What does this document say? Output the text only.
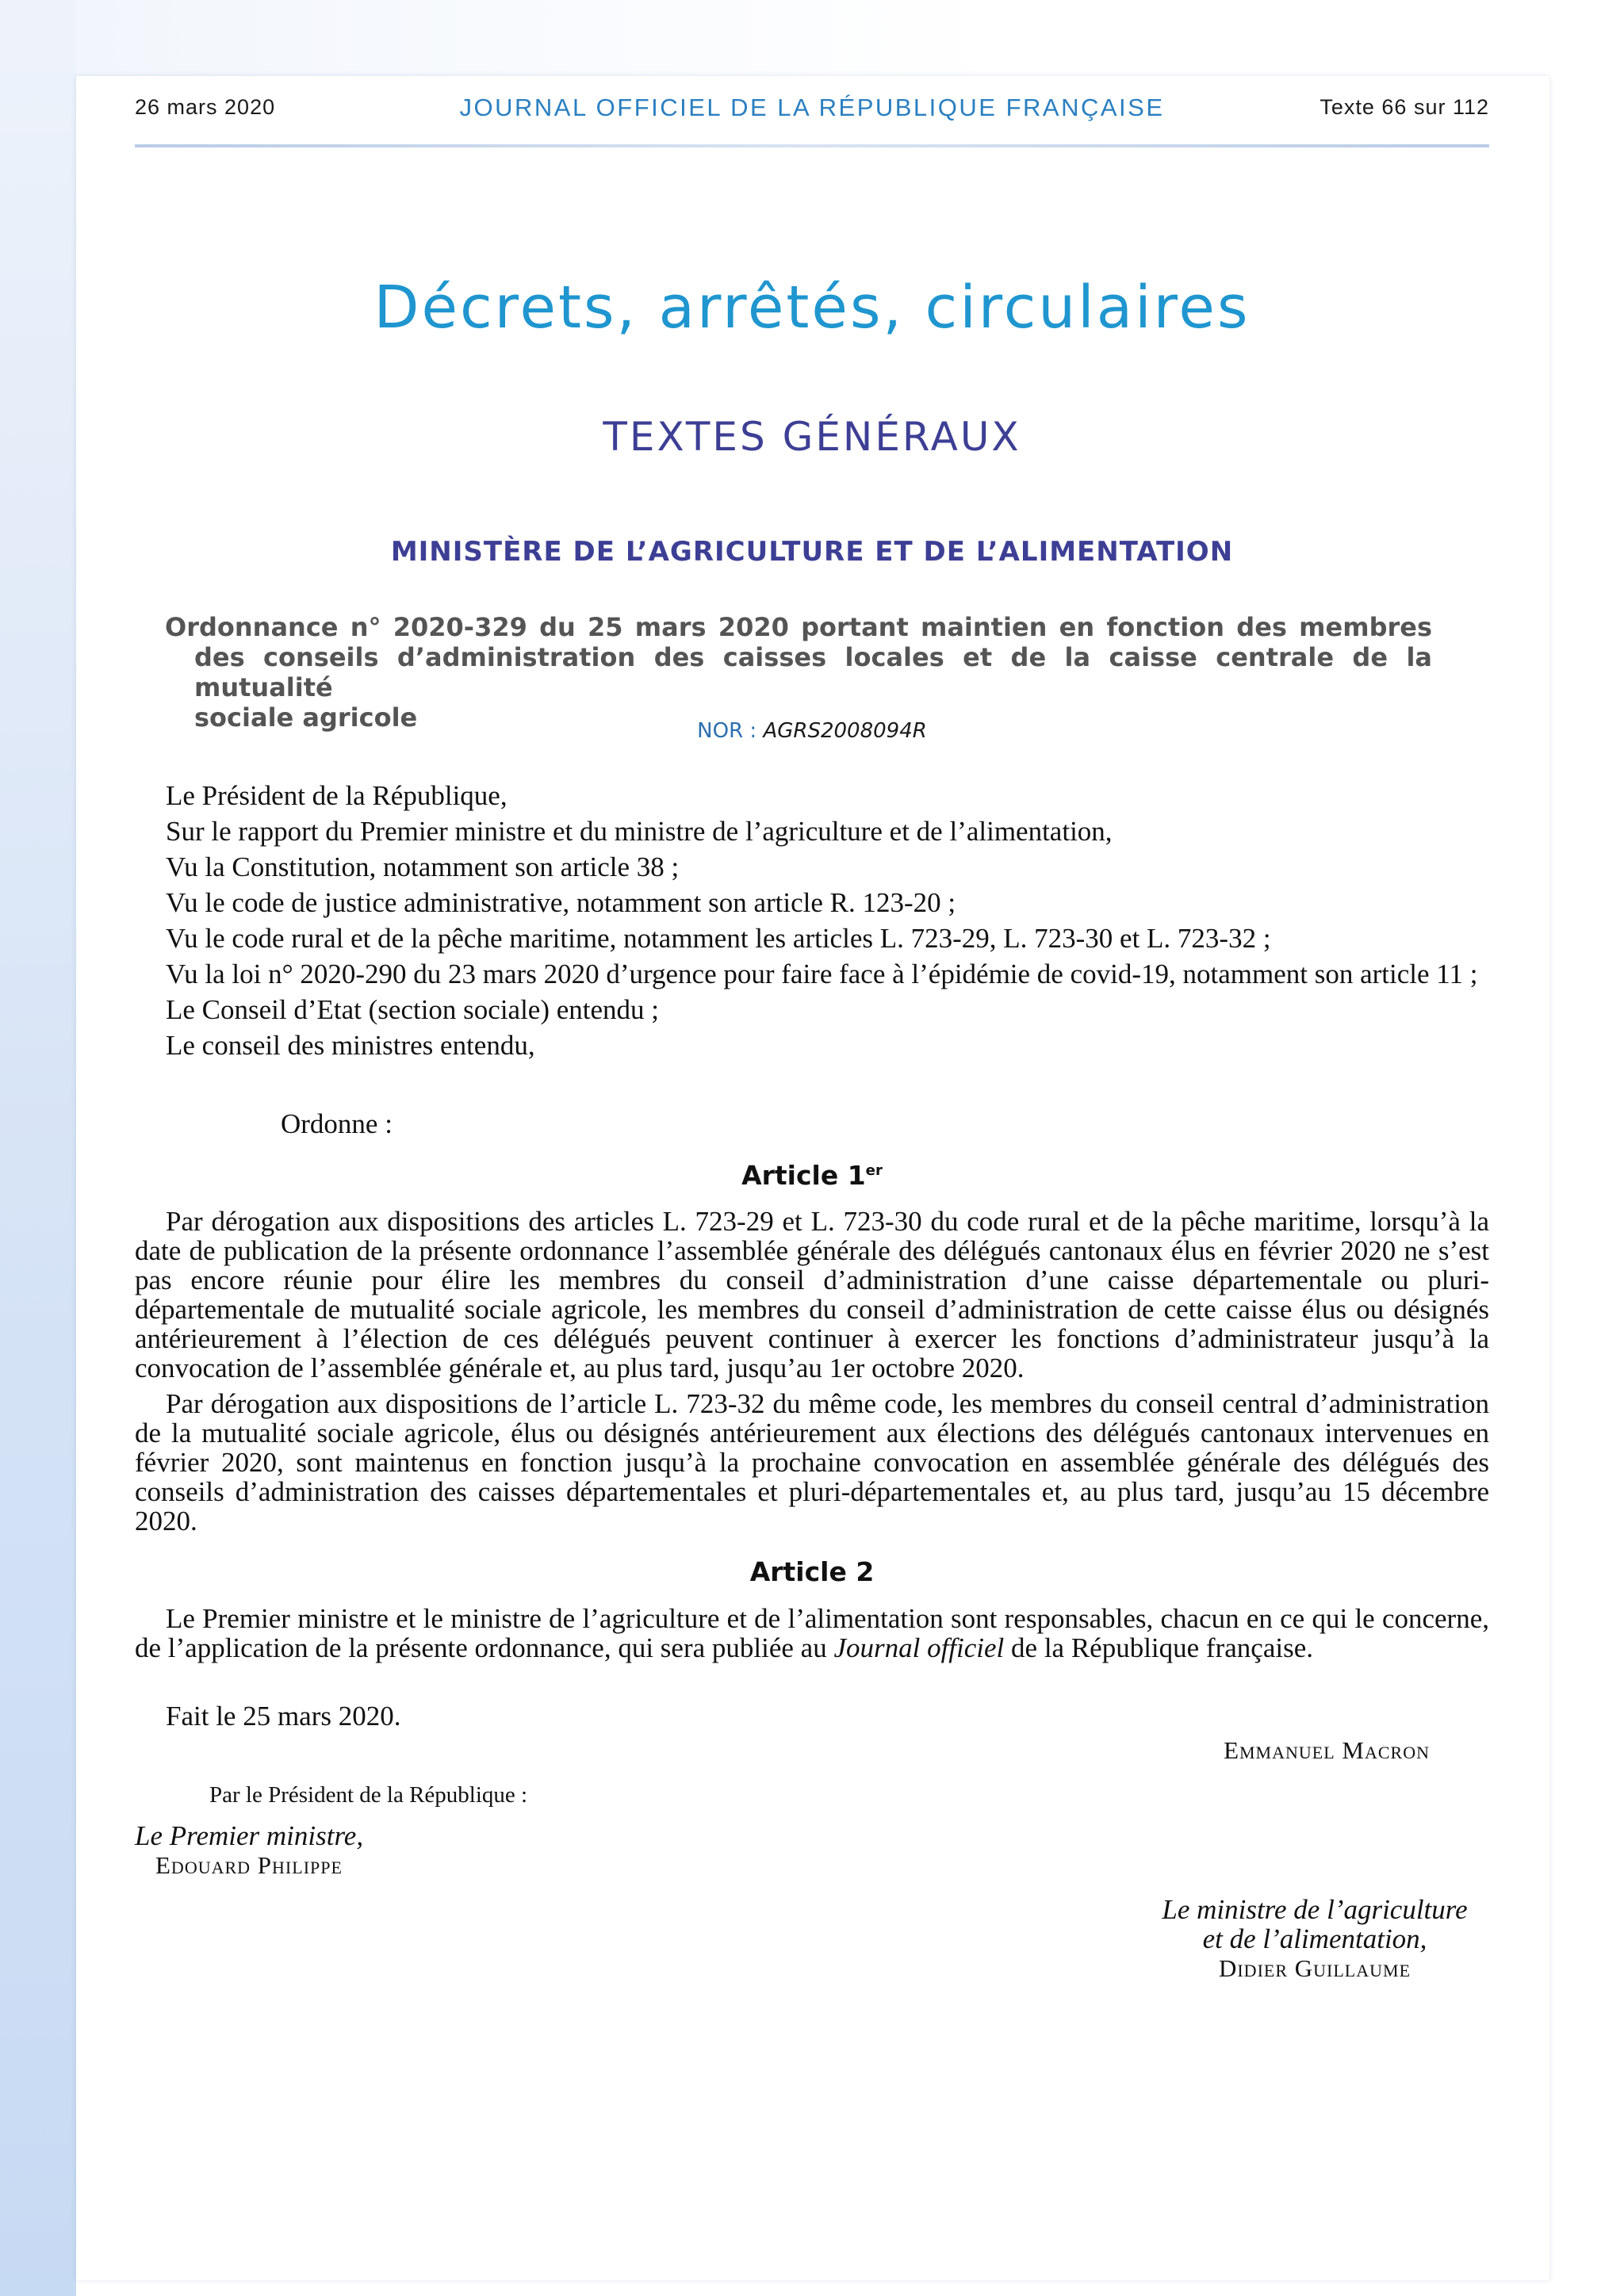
26 mars 2020	JOURNAL OFFICIEL DE LA RÉPUBLIQUE FRANÇAISE	Texte 66 sur 112
Décrets, arrêtés, circulaires
TEXTES GÉNÉRAUX
MINISTÈRE DE L’AGRICULTURE ET DE L’ALIMENTATION
Ordonnance n° 2020-329 du 25 mars 2020 portant maintien en fonction des membres
des conseils d’administration des caisses locales et de la caisse centrale de la mutualité
sociale agricole	NOR : AGRS2008094R

Le Président de la République,

Sur le rapport du Premier ministre et du ministre de l’agriculture et de l’alimentation,

Vu la Constitution, notamment son article 38 ;

Vu le code de justice administrative, notamment son article R. 123-20 ;

Vu le code rural et de la pêche maritime, notamment les articles L. 723-29, L. 723-30 et L. 723-32 ;

Vu la loi n° 2020-290 du 23 mars 2020 d’urgence pour faire face à l’épidémie de covid-19, notamment son article 11 ;

Le Conseil d’Etat (section sociale) entendu ;

Le conseil des ministres entendu,

Ordonne :
Article 1er

Par dérogation aux dispositions des articles L. 723-29 et L. 723-30 du code rural et de la pêche maritime, lorsqu’à la date de publication de la présente ordonnance l’assemblée générale des délégués cantonaux élus en février 2020 ne s’est pas encore réunie pour élire les membres du conseil d’administration d’une caisse départementale ou pluri-départementale de mutualité sociale agricole, les membres du conseil d’administration de cette caisse élus ou désignés antérieurement à l’élection de ces délégués peuvent continuer à exercer les fonctions d’administrateur jusqu’à la convocation de l’assemblée générale et, au plus tard, jusqu’au 1er octobre 2020.

Par dérogation aux dispositions de l’article L. 723-32 du même code, les membres du conseil central d’administration de la mutualité sociale agricole, élus ou désignés antérieurement aux élections des délégués cantonaux intervenues en février 2020, sont maintenus en fonction jusqu’à la prochaine convocation en assemblée générale des délégués des conseils d’administration des caisses départementales et pluri-départementales et, au plus tard, jusqu’au 15 décembre 2020.

Article 2

Le Premier ministre et le ministre de l’agriculture et de l’alimentation sont responsables, chacun en ce qui le concerne, de l’application de la présente ordonnance, qui sera publiée au Journal officiel de la République française.

Fait le 25 mars 2020.

Emmanuel Macron
Par le Président de la République :
Le Premier ministre,
Edouard Philippe
Le ministre de l’agriculture
et de l’alimentation,
Didier Guillaume
